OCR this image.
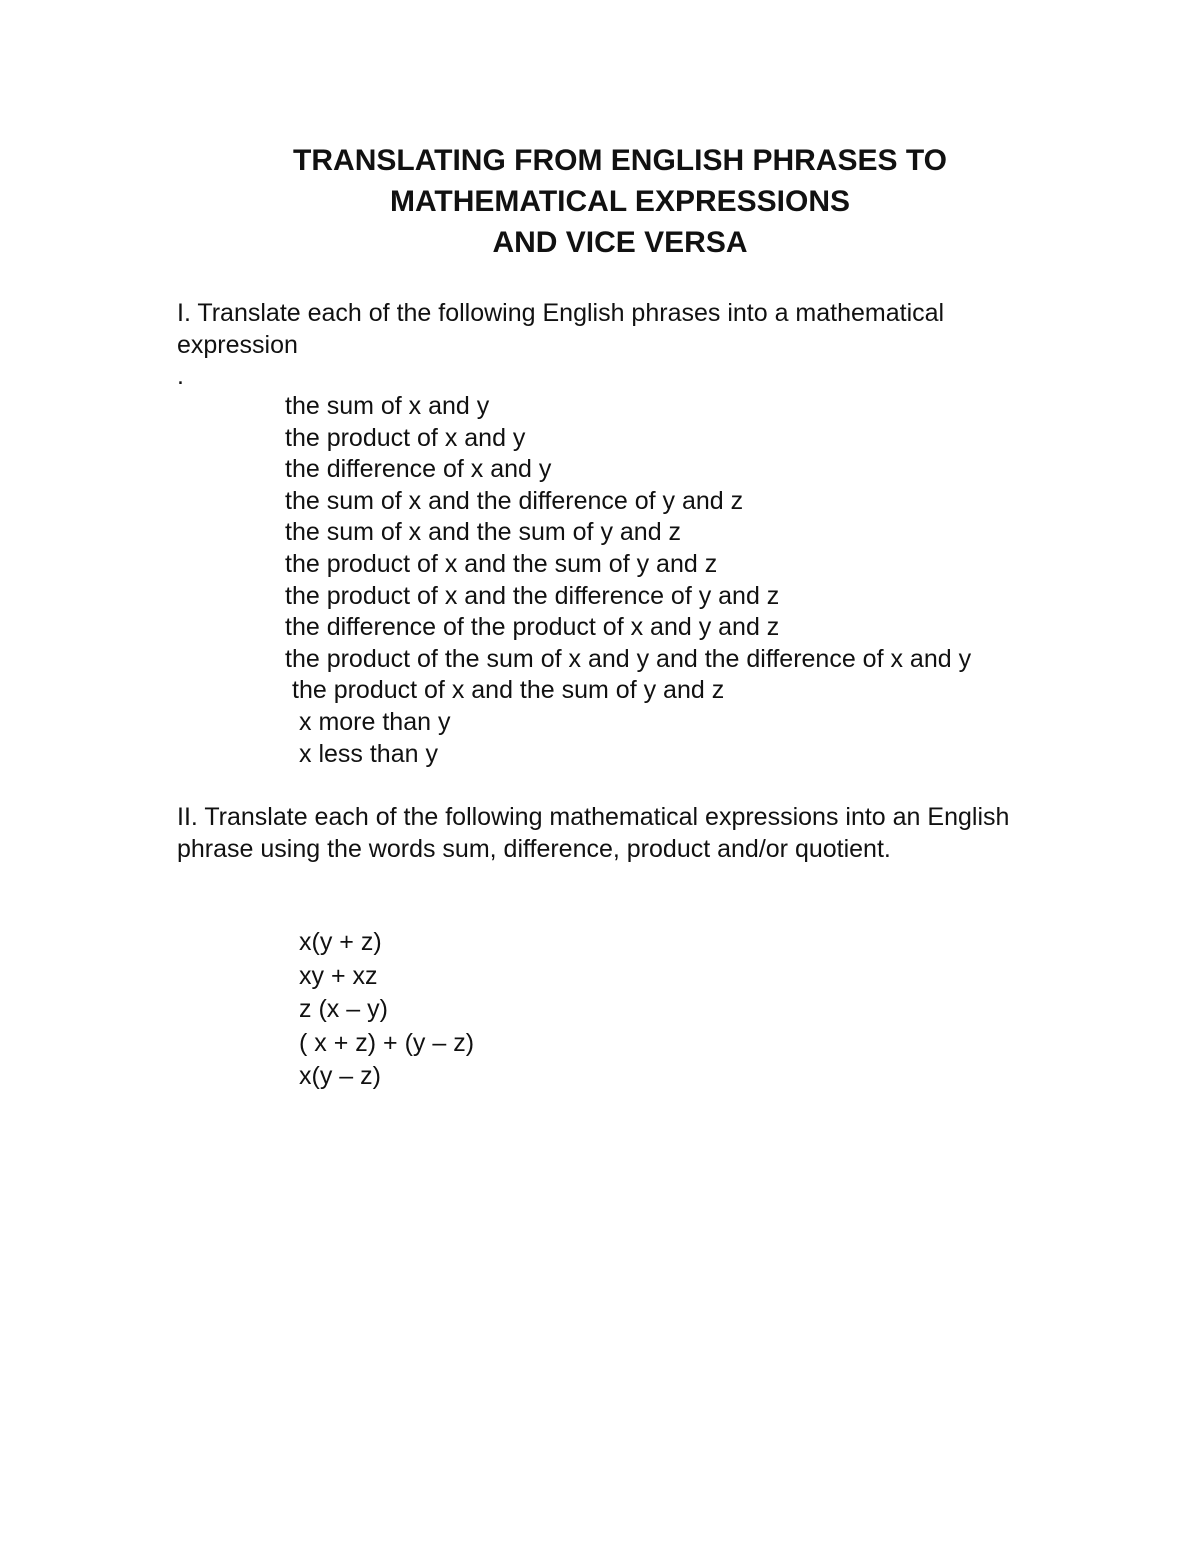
TRANSLATING FROM ENGLISH PHRASES TO
MATHEMATICAL EXPRESSIONS
AND VICE VERSA
I. Translate each of the following English phrases into a mathematical expression
.
the sum of x and y
the product of x and y
the difference of x and y
the sum of x and the difference of y and z
the sum of x and the sum of y and z
the product of x and the sum of y and z
the product of x and the difference of y and z
the difference of the product of x and y and z
the product of the sum of x and y and the difference of x and y
the product of x and the sum of y and z
x more than y
x less than y
II. Translate each of the following mathematical expressions into an English phrase using the words sum, difference, product and/or quotient.
x(y + z)
xy + xz
z (x – y)
( x + z) + (y – z)
x(y – z)
